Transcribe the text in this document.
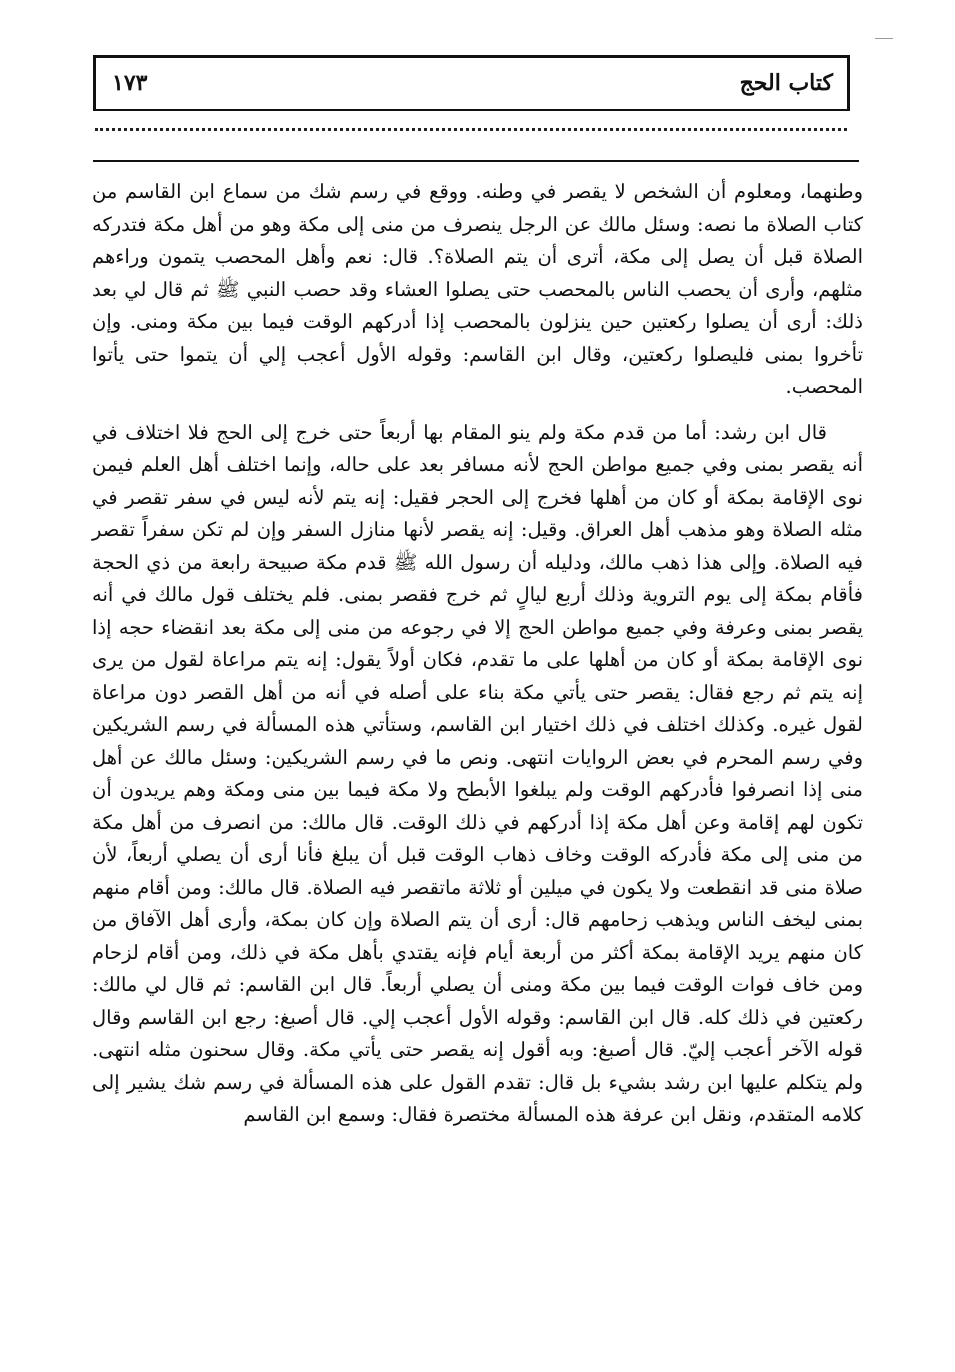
كتاب الحج
١٧٣

وطنهما، ومعلوم أن الشخص لا يقصر في وطنه. ووقع في رسم شك من سماع ابن القاسم من كتاب الصلاة ما نصه: وسئل مالك عن الرجل ينصرف من منى إلى مكة وهو من أهل مكة فتدركه الصلاة قبل أن يصل إلى مكة، أترى أن يتم الصلاة؟. قال: نعم وأهل المحصب يتمون وراءهم مثلهم، وأرى أن يحصب الناس بالمحصب حتى يصلوا العشاء وقد حصب النبي ﷺ ثم قال لي بعد ذلك: أرى أن يصلوا ركعتين حين ينزلون بالمحصب إذا أدركهم الوقت فيما بين مكة ومنى. وإن تأخروا بمنى فليصلوا ركعتين، وقال ابن القاسم: وقوله الأول أعجب إلي أن يتموا حتى يأتوا المحصب.

قال ابن رشد: أما من قدم مكة ولم ينو المقام بها أربعاً حتى خرج إلى الحج فلا اختلاف في أنه يقصر بمنى وفي جميع مواطن الحج لأنه مسافر بعد على حاله، وإنما اختلف أهل العلم فيمن نوى الإقامة بمكة أو كان من أهلها فخرج إلى الحجر فقيل: إنه يتم لأنه ليس في سفر تقصر في مثله الصلاة وهو مذهب أهل العراق. وقيل: إنه يقصر لأنها منازل السفر وإن لم تكن سفراً تقصر فيه الصلاة. وإلى هذا ذهب مالك، ودليله أن رسول الله ﷺ قدم مكة صبيحة رابعة من ذي الحجة فأقام بمكة إلى يوم التروية وذلك أربع ليالٍ ثم خرج فقصر بمنى. فلم يختلف قول مالك في أنه يقصر بمنى وعرفة وفي جميع مواطن الحج إلا في رجوعه من منى إلى مكة بعد انقضاء حجه إذا نوى الإقامة بمكة أو كان من أهلها على ما تقدم، فكان أولاً يقول: إنه يتم مراعاة لقول من يرى إنه يتم ثم رجع فقال: يقصر حتى يأتي مكة بناء على أصله في أنه من أهل القصر دون مراعاة لقول غيره. وكذلك اختلف في ذلك اختيار ابن القاسم، وستأتي هذه المسألة في رسم الشريكين وفي رسم المحرم في بعض الروايات انتهى. ونص ما في رسم الشريكين: وسئل مالك عن أهل منى إذا انصرفوا فأدركهم الوقت ولم يبلغوا الأبطح ولا مكة فيما بين منى ومكة وهم يريدون أن تكون لهم إقامة وعن أهل مكة إذا أدركهم في ذلك الوقت. قال مالك: من انصرف من أهل مكة من منى إلى مكة فأدركه الوقت وخاف ذهاب الوقت قبل أن يبلغ فأنا أرى أن يصلي أربعاً، لأن صلاة منى قد انقطعت ولا يكون في ميلين أو ثلاثة ماتقصر فيه الصلاة. قال مالك: ومن أقام منهم بمنى ليخف الناس ويذهب زحامهم قال: أرى أن يتم الصلاة وإن كان بمكة، وأرى أهل الآفاق من كان منهم يريد الإقامة بمكة أكثر من أربعة أيام فإنه يقتدي بأهل مكة في ذلك، ومن أقام لزحام ومن خاف فوات الوقت فيما بين مكة ومنى أن يصلي أربعاً. قال ابن القاسم: ثم قال لي مالك: ركعتين في ذلك كله. قال ابن القاسم: وقوله الأول أعجب إلي. قال أصبغ: رجع ابن القاسم وقال قوله الآخر أعجب إليّ. قال أصبغ: وبه أقول إنه يقصر حتى يأتي مكة. وقال سحنون مثله انتهى. ولم يتكلم عليها ابن رشد بشيء بل قال: تقدم القول على هذه المسألة في رسم شك يشير إلى كلامه المتقدم، ونقل ابن عرفة هذه المسألة مختصرة فقال: وسمع ابن القاسم
